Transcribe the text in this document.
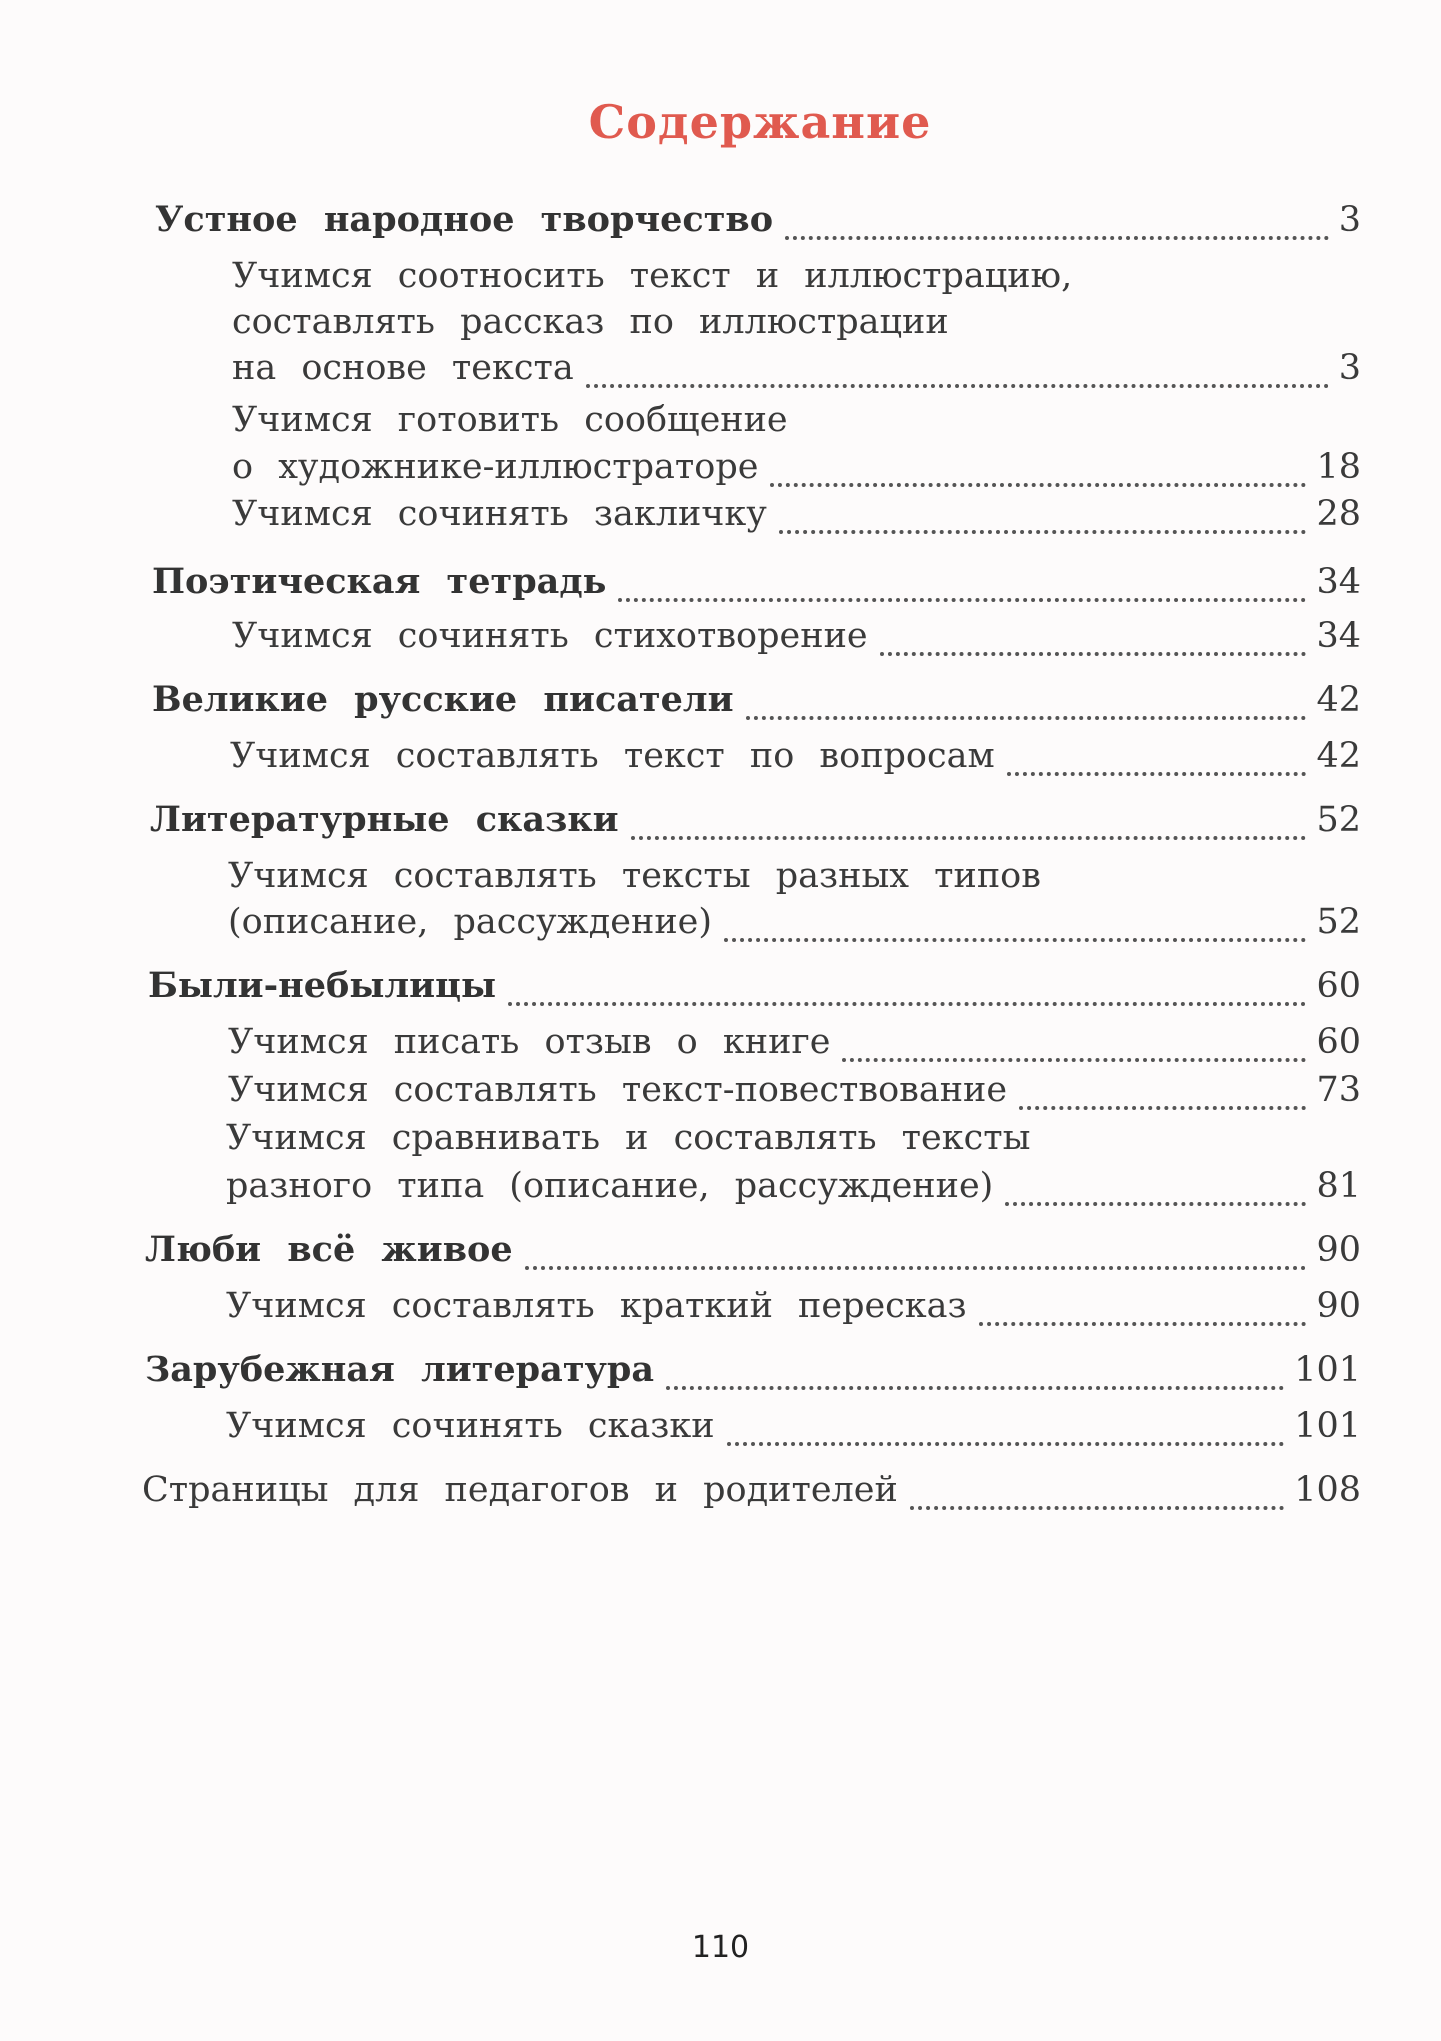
Содержание
Устное народное творчество	3
Учимся соотносить текст и иллюстрацию,
составлять рассказ по иллюстрации
на основе текста	3
Учимся готовить сообщение
о художнике-иллюстраторе	18
Учимся сочинять закличку	28
Поэтическая тетрадь	34
Учимся сочинять стихотворение	34
Великие русские писатели	42
Учимся составлять текст по вопросам	42
Литературные сказки	52
Учимся составлять тексты разных типов
(описание, рассуждение)	52
Были-небылицы	60
Учимся писать отзыв о книге	60
Учимся составлять текст-повествование	73
Учимся сравнивать и составлять тексты
разного типа (описание, рассуждение)	81
Люби всё живое	90
Учимся составлять краткий пересказ	90
Зарубежная литература	101
Учимся сочинять сказки	101
Страницы для педагогов и родителей	108
110
